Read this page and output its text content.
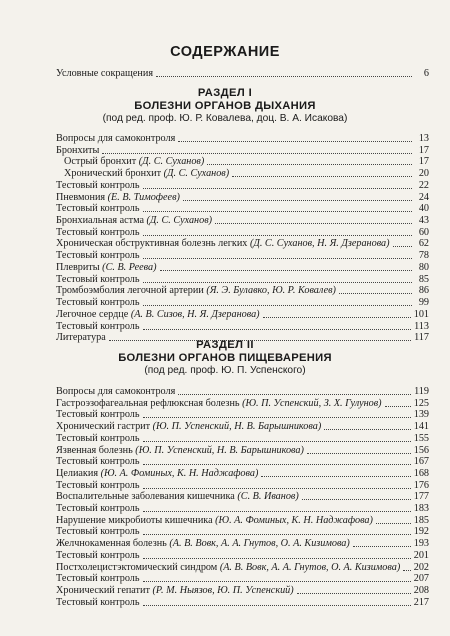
СОДЕРЖАНИЕ
Условные сокращения	6
РАЗДЕЛ I
БОЛЕЗНИ ОРГАНОВ ДЫХАНИЯ
(под ред. проф. Ю. Р. Ковалева, доц. В. А. Исакова)
Вопросы для самоконтроля	13
Бронхиты	17
Острый бронхит (Д. С. Суханов)	17
Хронический бронхит (Д. С. Суханов)	20
Тестовый контроль	22
Пневмония (Е. В. Тимофеев)	24
Тестовый контроль	40
Бронхиальная астма (Д. С. Суханов)	43
Тестовый контроль	60
Хроническая обструктивная болезнь легких (Д. С. Суханов, Н. Я. Дзеранова)	62
Тестовый контроль	78
Плевриты (С. В. Реева)	80
Тестовый контроль	85
Тромбоэмболия легочной артерии (Я. Э. Булавко, Ю. Р. Ковалев)	86
Тестовый контроль	99
Легочное сердце (А. В. Сизов, Н. Я. Дзеранова)	101
Тестовый контроль	113
Литература	117
РАЗДЕЛ II
БОЛЕЗНИ ОРГАНОВ ПИЩЕВАРЕНИЯ
(под ред. проф. Ю. П. Успенского)
Вопросы для самоконтроля	119
Гастроэзофагеальная рефлюксная болезнь (Ю. П. Успенский, З. Х. Гулунов)	125
Тестовый контроль	139
Хронический гастрит (Ю. П. Успенский, Н. В. Барышникова)	141
Тестовый контроль	155
Язвенная болезнь (Ю. П. Успенский, Н. В. Барышникова)	156
Тестовый контроль	167
Целиакия (Ю. А. Фоминых, К. Н. Наджафова)	168
Тестовый контроль	176
Воспалительные заболевания кишечника (С. В. Иванов)	177
Тестовый контроль	183
Нарушение микробиоты кишечника (Ю. А. Фоминых, К. Н. Наджафова)	185
Тестовый контроль	192
Желчнокаменная болезнь (А. В. Вовк, А. А. Гнутов, О. А. Кизимова)	193
Тестовый контроль	201
Постхолецистэктомический синдром (А. В. Вовк, А. А. Гнутов, О. А. Кизимова) 202
Тестовый контроль	207
Хронический гепатит (Р. М. Ныязов, Ю. П. Успенский)	208
Тестовый контроль	217
